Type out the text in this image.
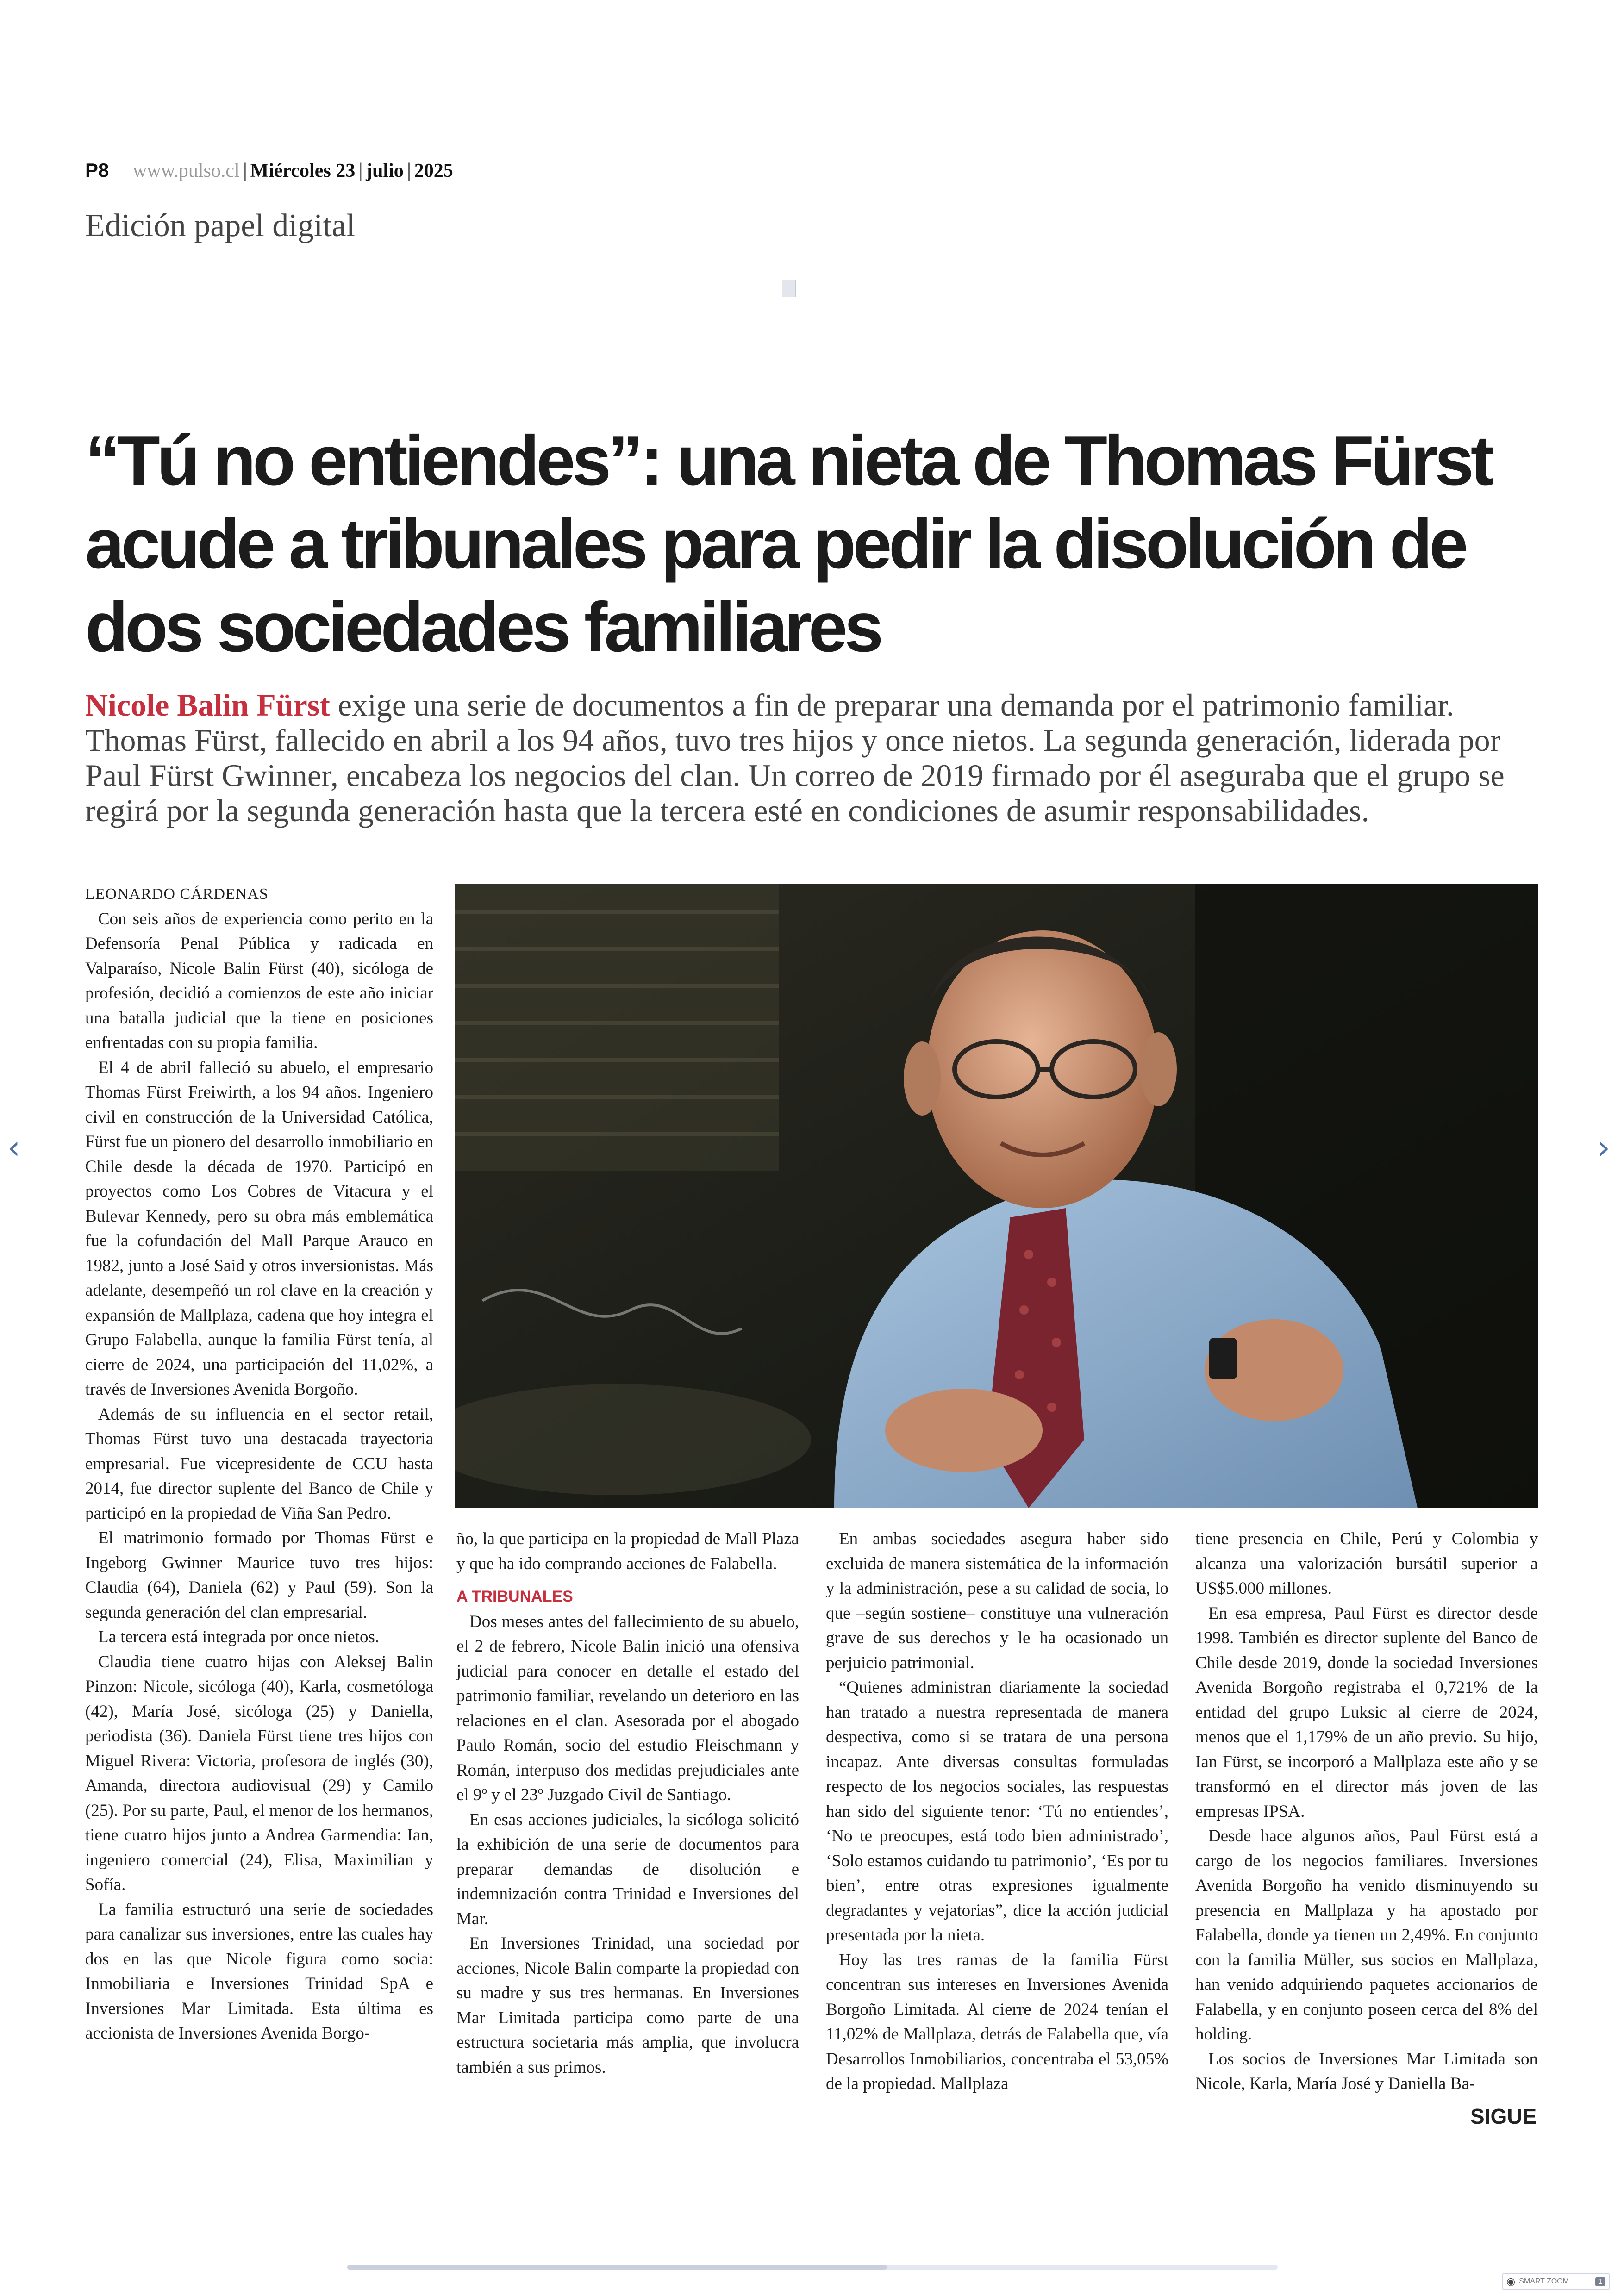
P8 www.pulso.cl | Miércoles 23 | julio | 2025
Edición papel digital
“Tú no entiendes”: una nieta de Thomas Fürst acude a tribunales para pedir la disolución de dos sociedades familiares

Nicole Balin Fürst exige una serie de documentos a fin de preparar una demanda por el patrimonio familiar. Thomas Fürst, fallecido en abril a los 94 años, tuvo tres hijos y once nietos. La segunda generación, liderada por Paul Fürst Gwinner, encabeza los negocios del clan. Un correo de 2019 firmado por él aseguraba que el grupo se regirá por la segunda generación hasta que la tercera esté en condiciones de asumir responsabilidades.

LEONARDO CÁRDENAS

Con seis años de experiencia como perito en la Defensoría Penal Pública y radicada en Valparaíso, Nicole Balin Fürst (40), sicóloga de profesión, decidió a comienzos de este año iniciar una batalla judicial que la tiene en posiciones enfrentadas con su propia familia.

El 4 de abril falleció su abuelo, el empresario Thomas Fürst Freiwirth, a los 94 años. Ingeniero civil en construcción de la Universidad Católica, Fürst fue un pionero del desarrollo inmobiliario en Chile desde la década de 1970. Participó en proyectos como Los Cobres de Vitacura y el Bulevar Kennedy, pero su obra más emblemática fue la cofundación del Mall Parque Arauco en 1982, junto a José Said y otros inversionistas. Más adelante, desempeñó un rol clave en la creación y expansión de Mallplaza, cadena que hoy integra el Grupo Falabella, aunque la familia Fürst tenía, al cierre de 2024, una participación del 11,02%, a través de Inversiones Avenida Borgoño.

Además de su influencia en el sector retail, Thomas Fürst tuvo una destacada trayectoria empresarial. Fue vicepresidente de CCU hasta 2014, fue director suplente del Banco de Chile y participó en la propiedad de Viña San Pedro.

El matrimonio formado por Thomas Fürst e Ingeborg Gwinner Maurice tuvo tres hijos: Claudia (64), Daniela (62) y Paul (59). Son la segunda generación del clan empresarial.

La tercera está integrada por once nietos.

Claudia tiene cuatro hijas con Aleksej Balin Pinzon: Nicole, sicóloga (40), Karla, cosmetóloga (42), María José, sicóloga (25) y Daniella, periodista (36). Daniela Fürst tiene tres hijos con Miguel Rivera: Victoria, profesora de inglés (30), Amanda, directora audiovisual (29) y Camilo (25). Por su parte, Paul, el menor de los hermanos, tiene cuatro hijos junto a Andrea Garmendia: Ian, ingeniero comercial (24), Elisa, Maximilian y Sofía.

La familia estructuró una serie de sociedades para canalizar sus inversiones, entre las cuales hay dos en las que Nicole figura como socia: Inmobiliaria e Inversiones Trinidad SpA e Inversiones Mar Limitada. Esta última es accionista de Inversiones Avenida Borgo-

ño, la que participa en la propiedad de Mall Plaza y que ha ido comprando acciones de Falabella.

A TRIBUNALES

Dos meses antes del fallecimiento de su abuelo, el 2 de febrero, Nicole Balin inició una ofensiva judicial para conocer en detalle el estado del patrimonio familiar, revelando un deterioro en las relaciones en el clan. Asesorada por el abogado Paulo Román, socio del estudio Fleischmann y Román, interpuso dos medidas prejudiciales ante el 9º y el 23º Juzgado Civil de Santiago.

En esas acciones judiciales, la sicóloga solicitó la exhibición de una serie de documentos para preparar demandas de disolución e indemnización contra Trinidad e Inversiones del Mar.

En Inversiones Trinidad, una sociedad por acciones, Nicole Balin comparte la propiedad con su madre y sus tres hermanas. En Inversiones Mar Limitada participa como parte de una estructura societaria más amplia, que involucra también a sus primos.

En ambas sociedades asegura haber sido excluida de manera sistemática de la información y la administración, pese a su calidad de socia, lo que –según sostiene– constituye una vulneración grave de sus derechos y le ha ocasionado un perjuicio patrimonial.

“Quienes administran diariamente la sociedad han tratado a nuestra representada de manera despectiva, como si se tratara de una persona incapaz. Ante diversas consultas formuladas respecto de los negocios sociales, las respuestas han sido del siguiente tenor: ‘Tú no entiendes’, ‘No te preocupes, está todo bien administrado’, ‘Solo estamos cuidando tu patrimonio’, ‘Es por tu bien’, entre otras expresiones igualmente degradantes y vejatorias”, dice la acción judicial presentada por la nieta.

Hoy las tres ramas de la familia Fürst concentran sus intereses en Inversiones Avenida Borgoño Limitada. Al cierre de 2024 tenían el 11,02% de Mallplaza, detrás de Falabella que, vía Desarrollos Inmobiliarios, concentraba el 53,05% de la propiedad. Mallplaza

tiene presencia en Chile, Perú y Colombia y alcanza una valorización bursátil superior a US$5.000 millones.

En esa empresa, Paul Fürst es director desde 1998. También es director suplente del Banco de Chile desde 2019, donde la sociedad Inversiones Avenida Borgoño registraba el 0,721% de la entidad del grupo Luksic al cierre de 2024, menos que el 1,179% de un año previo. Su hijo, Ian Fürst, se incorporó a Mallplaza este año y se transformó en el director más joven de las empresas IPSA.

Desde hace algunos años, Paul Fürst está a cargo de los negocios familiares. Inversiones Avenida Borgoño ha venido disminuyendo su presencia en Mallplaza y ha apostado por Falabella, donde ya tienen un 2,49%. En conjunto con la familia Müller, sus socios en Mallplaza, han venido adquiriendo paquetes accionarios de Falabella, y en conjunto poseen cerca del 8% del holding.

Los socios de Inversiones Mar Limitada son Nicole, Karla, María José y Daniella Ba-

SIGUE
‹	›
◉ SMART ZOOM	1
